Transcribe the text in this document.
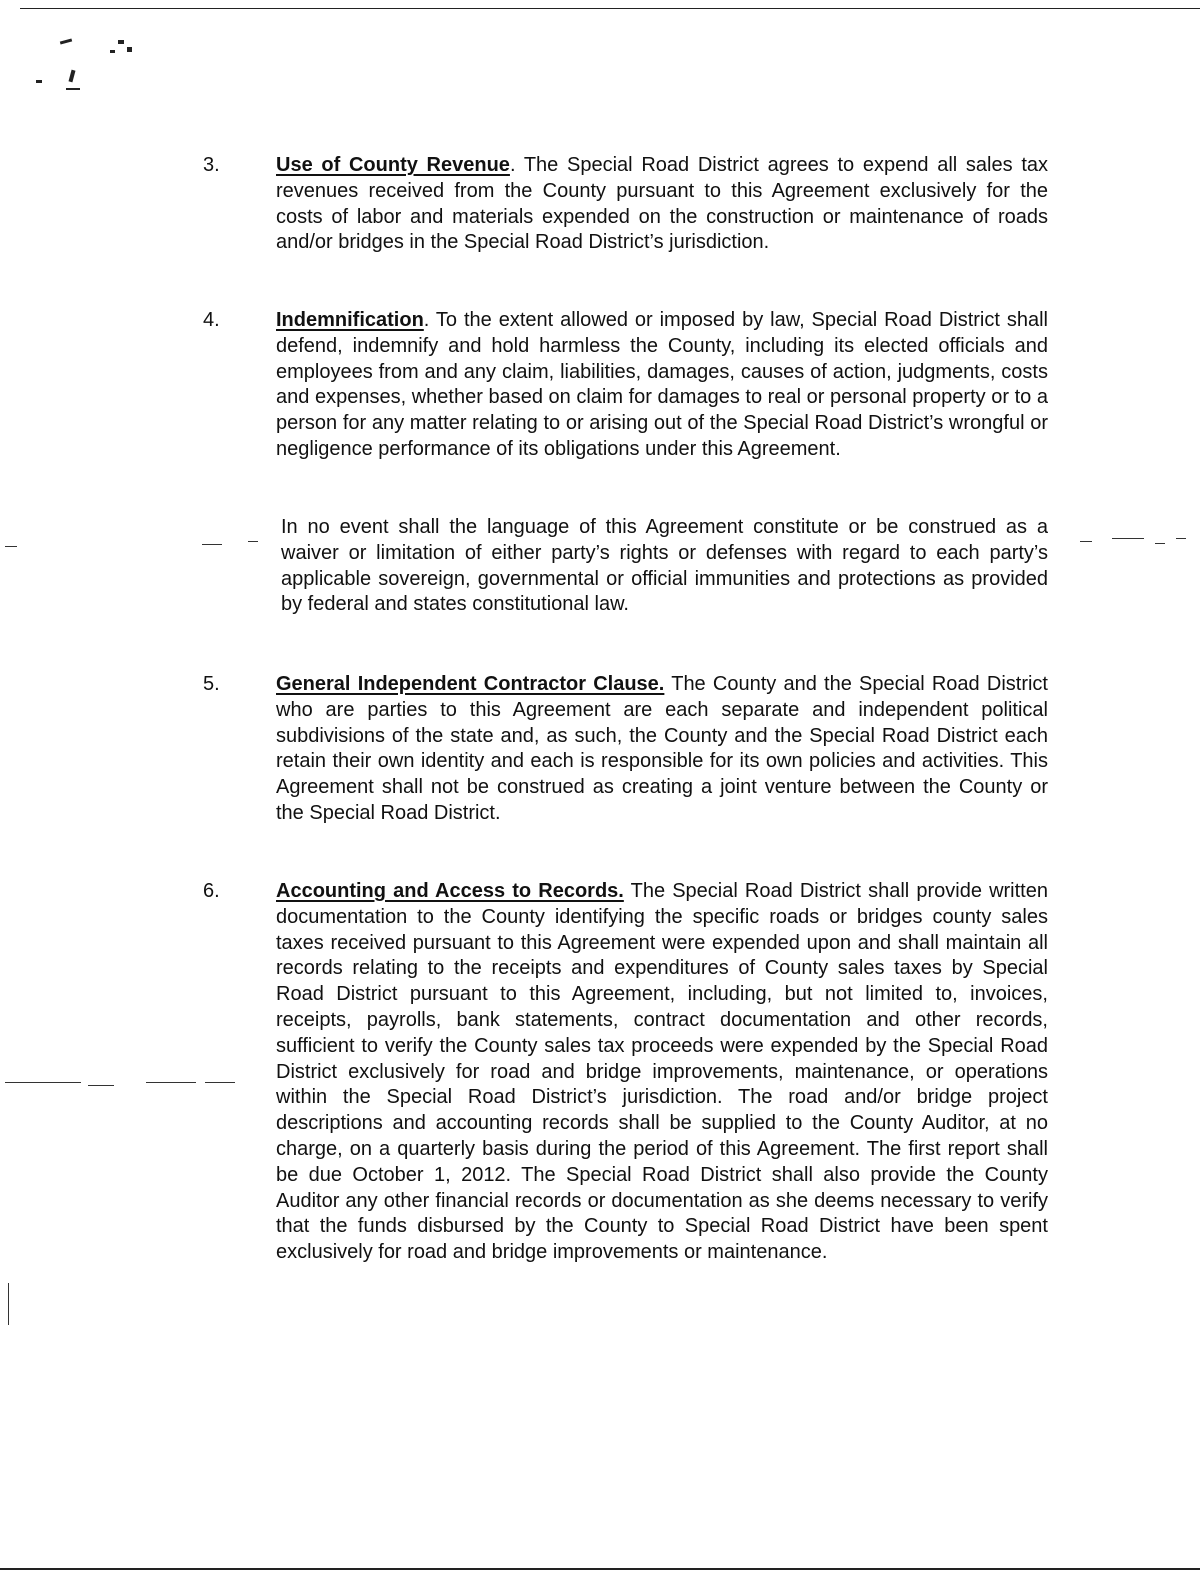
3.	Use of County Revenue. The Special Road District agrees to expend all sales tax revenues received from the County pursuant to this Agreement exclusively for the costs of labor and materials expended on the construction or maintenance of roads and/or bridges in the Special Road District’s jurisdiction.

4.	Indemnification. To the extent allowed or imposed by law, Special Road District shall defend, indemnify and hold harmless the County, including its elected officials and employees from and any claim, liabilities, damages, causes of action, judgments, costs and expenses, whether based on claim for damages to real or personal property or to a person for any matter relating to or arising out of the Special Road District’s wrongful or negligence performance of its obligations under this Agreement.

In no event shall the language of this Agreement constitute or be construed as a waiver or limitation of either party’s rights or defenses with regard to each party’s applicable sovereign, governmental or official immunities and protections as provided by federal and states constitutional law.

5.	General Independent Contractor Clause. The County and the Special Road District who are parties to this Agreement are each separate and independent political subdivisions of the state and, as such, the County and the Special Road District each retain their own identity and each is responsible for its own policies and activities. This Agreement shall not be construed as creating a joint venture between the County or the Special Road District.

6.	Accounting and Access to Records. The Special Road District shall provide written documentation to the County identifying the specific roads or bridges county sales taxes received pursuant to this Agreement were expended upon and shall maintain all records relating to the receipts and expenditures of County sales taxes by Special Road District pursuant to this Agreement, including, but not limited to, invoices, receipts, payrolls, bank statements, contract documentation and other records, sufficient to verify the County sales tax proceeds were expended by the Special Road District exclusively for road and bridge improvements, maintenance, or operations within the Special Road District’s jurisdiction. The road and/or bridge project descriptions and accounting records shall be supplied to the County Auditor, at no charge, on a quarterly basis during the period of this Agreement. The first report shall be due October 1, 2012. The Special Road District shall also provide the County Auditor any other financial records or documentation as she deems necessary to verify that the funds disbursed by the County to Special Road District have been spent exclusively for road and bridge improvements or maintenance.
